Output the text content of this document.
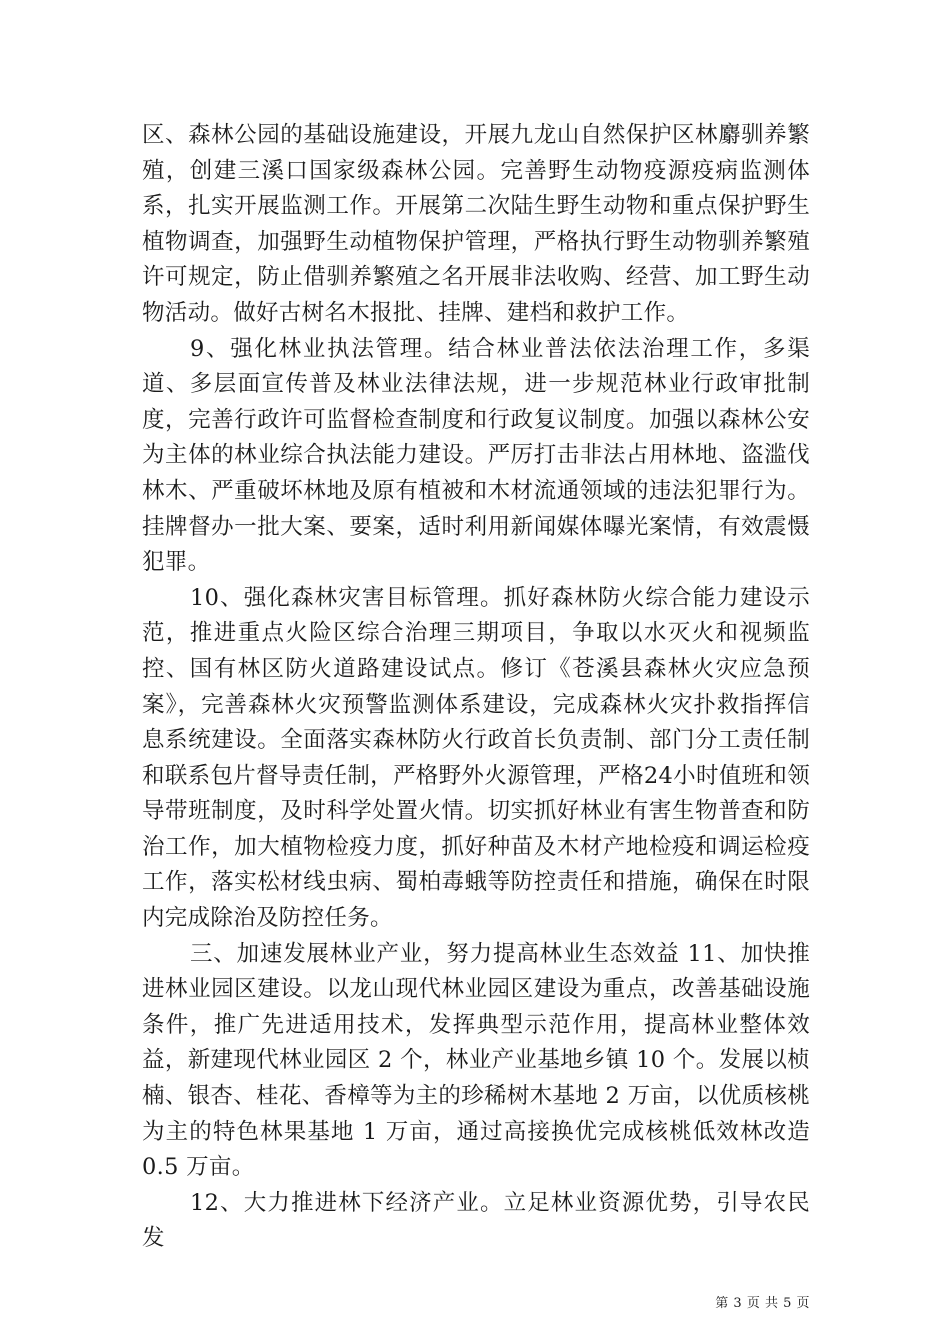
区、森林公园的基础设施建设，开展九龙山自然保护区林麝驯养繁殖，创建三溪口国家级森林公园。完善野生动物疫源疫病监测体系，扎实开展监测工作。开展第二次陆生野生动物和重点保护野生植物调查，加强野生动植物保护管理，严格执行野生动物驯养繁殖许可规定，防止借驯养繁殖之名开展非法收购、经营、加工野生动物活动。做好古树名木报批、挂牌、建档和救护工作。

9、强化林业执法管理。结合林业普法依法治理工作，多渠道、多层面宣传普及林业法律法规，进一步规范林业行政审批制度，完善行政许可监督检查制度和行政复议制度。加强以森林公安为主体的林业综合执法能力建设。严厉打击非法占用林地、盗滥伐林木、严重破坏林地及原有植被和木材流通领域的违法犯罪行为。挂牌督办一批大案、要案，适时利用新闻媒体曝光案情，有效震慑犯罪。

10、强化森林灾害目标管理。抓好森林防火综合能力建设示范，推进重点火险区综合治理三期项目，争取以水灭火和视频监控、国有林区防火道路建设试点。修订《苍溪县森林火灾应急预案》，完善森林火灾预警监测体系建设，完成森林火灾扑救指挥信息系统建设。全面落实森林防火行政首长负责制、部门分工责任制和联系包片督导责任制，严格野外火源管理，严格24小时值班和领导带班制度，及时科学处置火情。切实抓好林业有害生物普查和防治工作，加大植物检疫力度，抓好种苗及木材产地检疫和调运检疫工作，落实松材线虫病、蜀柏毒蛾等防控责任和措施，确保在时限内完成除治及防控任务。

三、加速发展林业产业，努力提高林业生态效益 11、加快推进林业园区建设。以龙山现代林业园区建设为重点，改善基础设施条件，推广先进适用技术，发挥典型示范作用，提高林业整体效益，新建现代林业园区 2 个，林业产业基地乡镇 10 个。发展以桢楠、银杏、桂花、香樟等为主的珍稀树木基地 2 万亩，以优质核桃为主的特色林果基地 1 万亩，通过高接换优完成核桃低效林改造 0.5 万亩。

12、大力推进林下经济产业。立足林业资源优势，引导农民发

第 3 页 共 5 页
